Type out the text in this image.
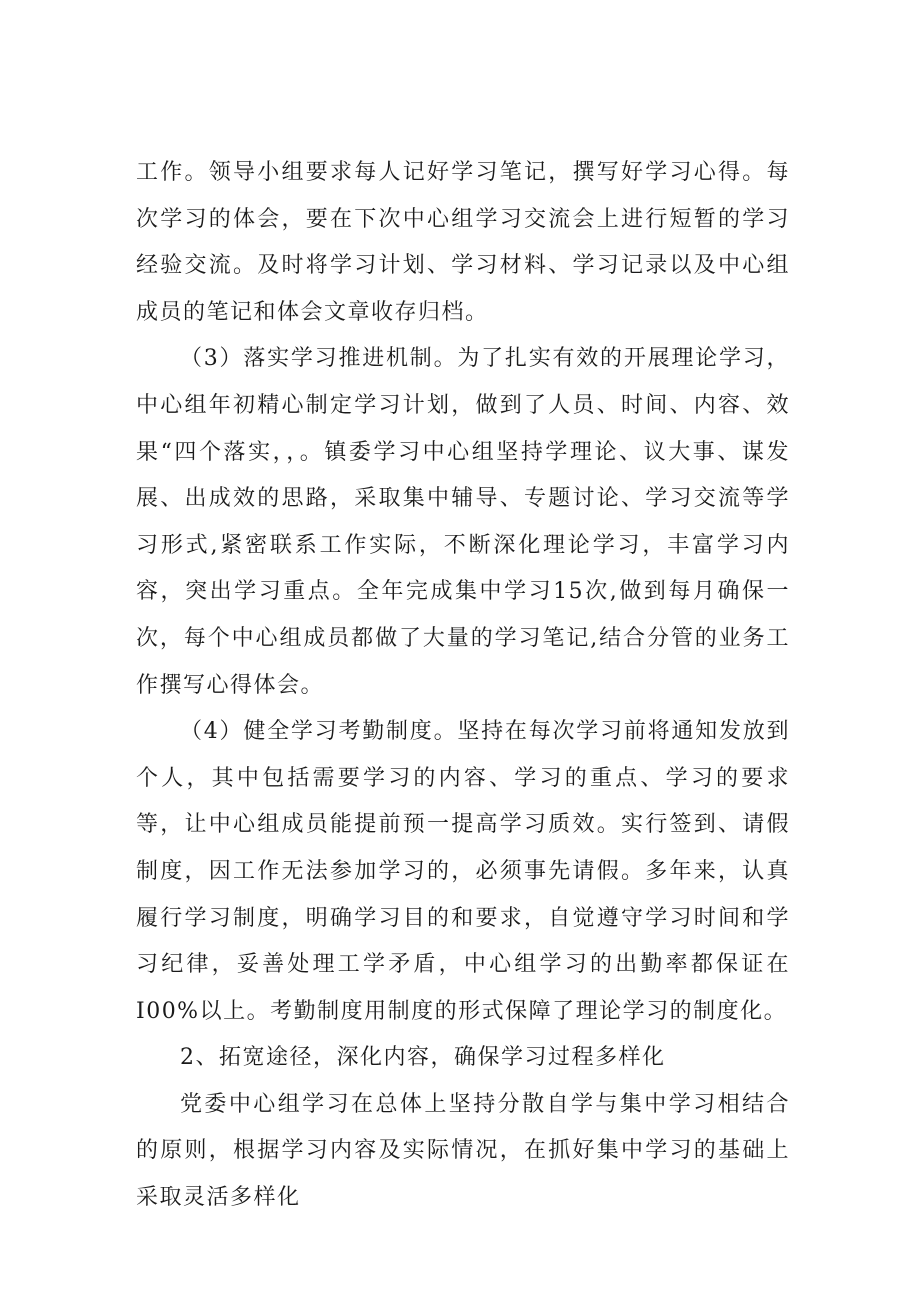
工作。领导小组要求每人记好学习笔记，撰写好学习心得。每次学习的体会，要在下次中心组学习交流会上进行短暂的学习经验交流。及时将学习计划、学习材料、学习记录以及中心组成员的笔记和体会文章收存归档。

（3）落实学习推进机制。为了扎实有效的开展理论学习，中心组年初精心制定学习计划，做到了人员、时间、内容、效果“四个落实，，。镇委学习中心组坚持学理论、议大事、谋发展、出成效的思路，采取集中辅导、专题讨论、学习交流等学习形式,紧密联系工作实际，不断深化理论学习，丰富学习内容，突出学习重点。全年完成集中学习15次,做到每月确保一次，每个中心组成员都做了大量的学习笔记,结合分管的业务工作撰写心得体会。

（4）健全学习考勤制度。坚持在每次学习前将通知发放到个人，其中包括需要学习的内容、学习的重点、学习的要求等，让中心组成员能提前预一提高学习质效。实行签到、请假制度，因工作无法参加学习的，必须事先请假。多年来，认真履行学习制度，明确学习目的和要求，自觉遵守学习时间和学习纪律，妥善处理工学矛盾，中心组学习的出勤率都保证在I00%以上。考勤制度用制度的形式保障了理论学习的制度化。

2、拓宽途径，深化内容，确保学习过程多样化

党委中心组学习在总体上坚持分散自学与集中学习相结合的原则，根据学习内容及实际情况，在抓好集中学习的基础上采取灵活多样化
